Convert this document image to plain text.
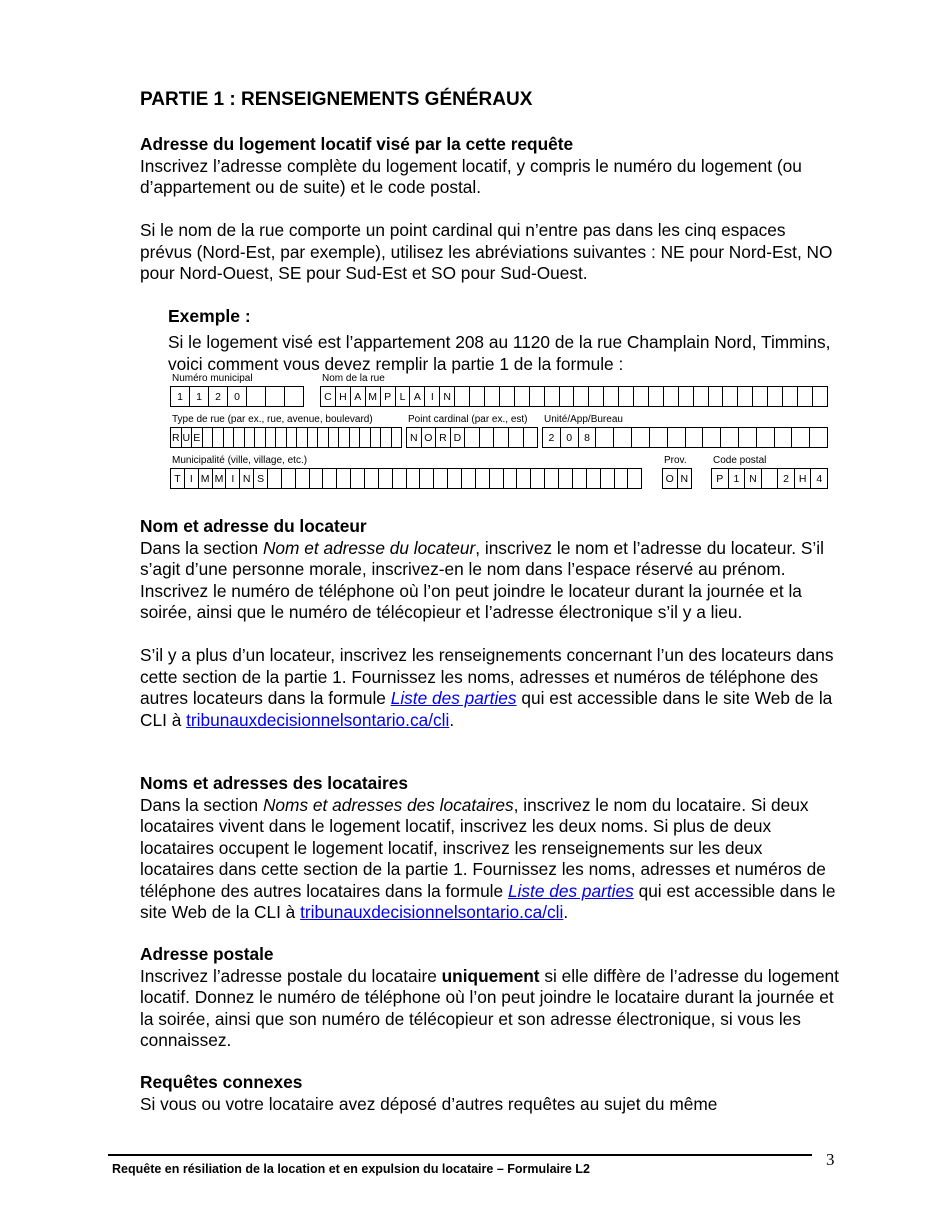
PARTIE 1 : RENSEIGNEMENTS GÉNÉRAUX
Adresse du logement locatif visé par la cette requête

Inscrivez l’adresse complète du logement locatif, y compris le numéro du logement (ou d’appartement ou de suite) et le code postal.

Si le nom de la rue comporte un point cardinal qui n’entre pas dans les cinq espaces prévus (Nord-Est, par exemple), utilisez les abréviations suivantes : NE pour Nord-Est, NO pour Nord-Ouest, SE pour Sud-Est et SO pour Sud-Ouest.

Exemple :
Si le logement visé est l’appartement 208 au 1120 de la rue Champlain Nord, Timmins, voici comment vous devez remplir la partie 1 de la formule :
Numéro municipal
1	1	2	0
Nom de la rue
C H A M P L A I N
Type de rue (par ex., rue, avenue, boulevard)
R U E
Point cardinal (par ex., est)
N O R D
Unité/App/Bureau
2	0	8
Municipalité (ville, village, etc.)
T I M M I N S
Prov.
O N
Code postal
P 1 N	2 H 4
Nom et adresse du locateur

Dans la section Nom et adresse du locateur, inscrivez le nom et l’adresse du locateur. S’il s’agit d’une personne morale, inscrivez-en le nom dans l’espace réservé au prénom. Inscrivez le numéro de téléphone où l’on peut joindre le locateur durant la journée et la soirée, ainsi que le numéro de télécopieur et l’adresse électronique s’il y a lieu.

S’il y a plus d’un locateur, inscrivez les renseignements concernant l’un des locateurs dans cette section de la partie 1. Fournissez les noms, adresses et numéros de téléphone des autres locateurs dans la formule Liste des parties qui est accessible dans le site Web de la CLI à tribunauxdecisionnelsontario.ca/cli.

Noms et adresses des locataires

Dans la section Noms et adresses des locataires, inscrivez le nom du locataire. Si deux locataires vivent dans le logement locatif, inscrivez les deux noms. Si plus de deux locataires occupent le logement locatif, inscrivez les renseignements sur les deux locataires dans cette section de la partie 1. Fournissez les noms, adresses et numéros de téléphone des autres locataires dans la formule Liste des parties qui est accessible dans le site Web de la CLI à tribunauxdecisionnelsontario.ca/cli.

Adresse postale

Inscrivez l’adresse postale du locataire uniquement si elle diffère de l’adresse du logement locatif. Donnez le numéro de téléphone où l’on peut joindre le locataire durant la journée et la soirée, ainsi que son numéro de télécopieur et son adresse électronique, si vous les connaissez.

Requêtes connexes

Si vous ou votre locataire avez déposé d’autres requêtes au sujet du même

Requête en résiliation de la location et en expulsion du locataire – Formulaire L2	3
